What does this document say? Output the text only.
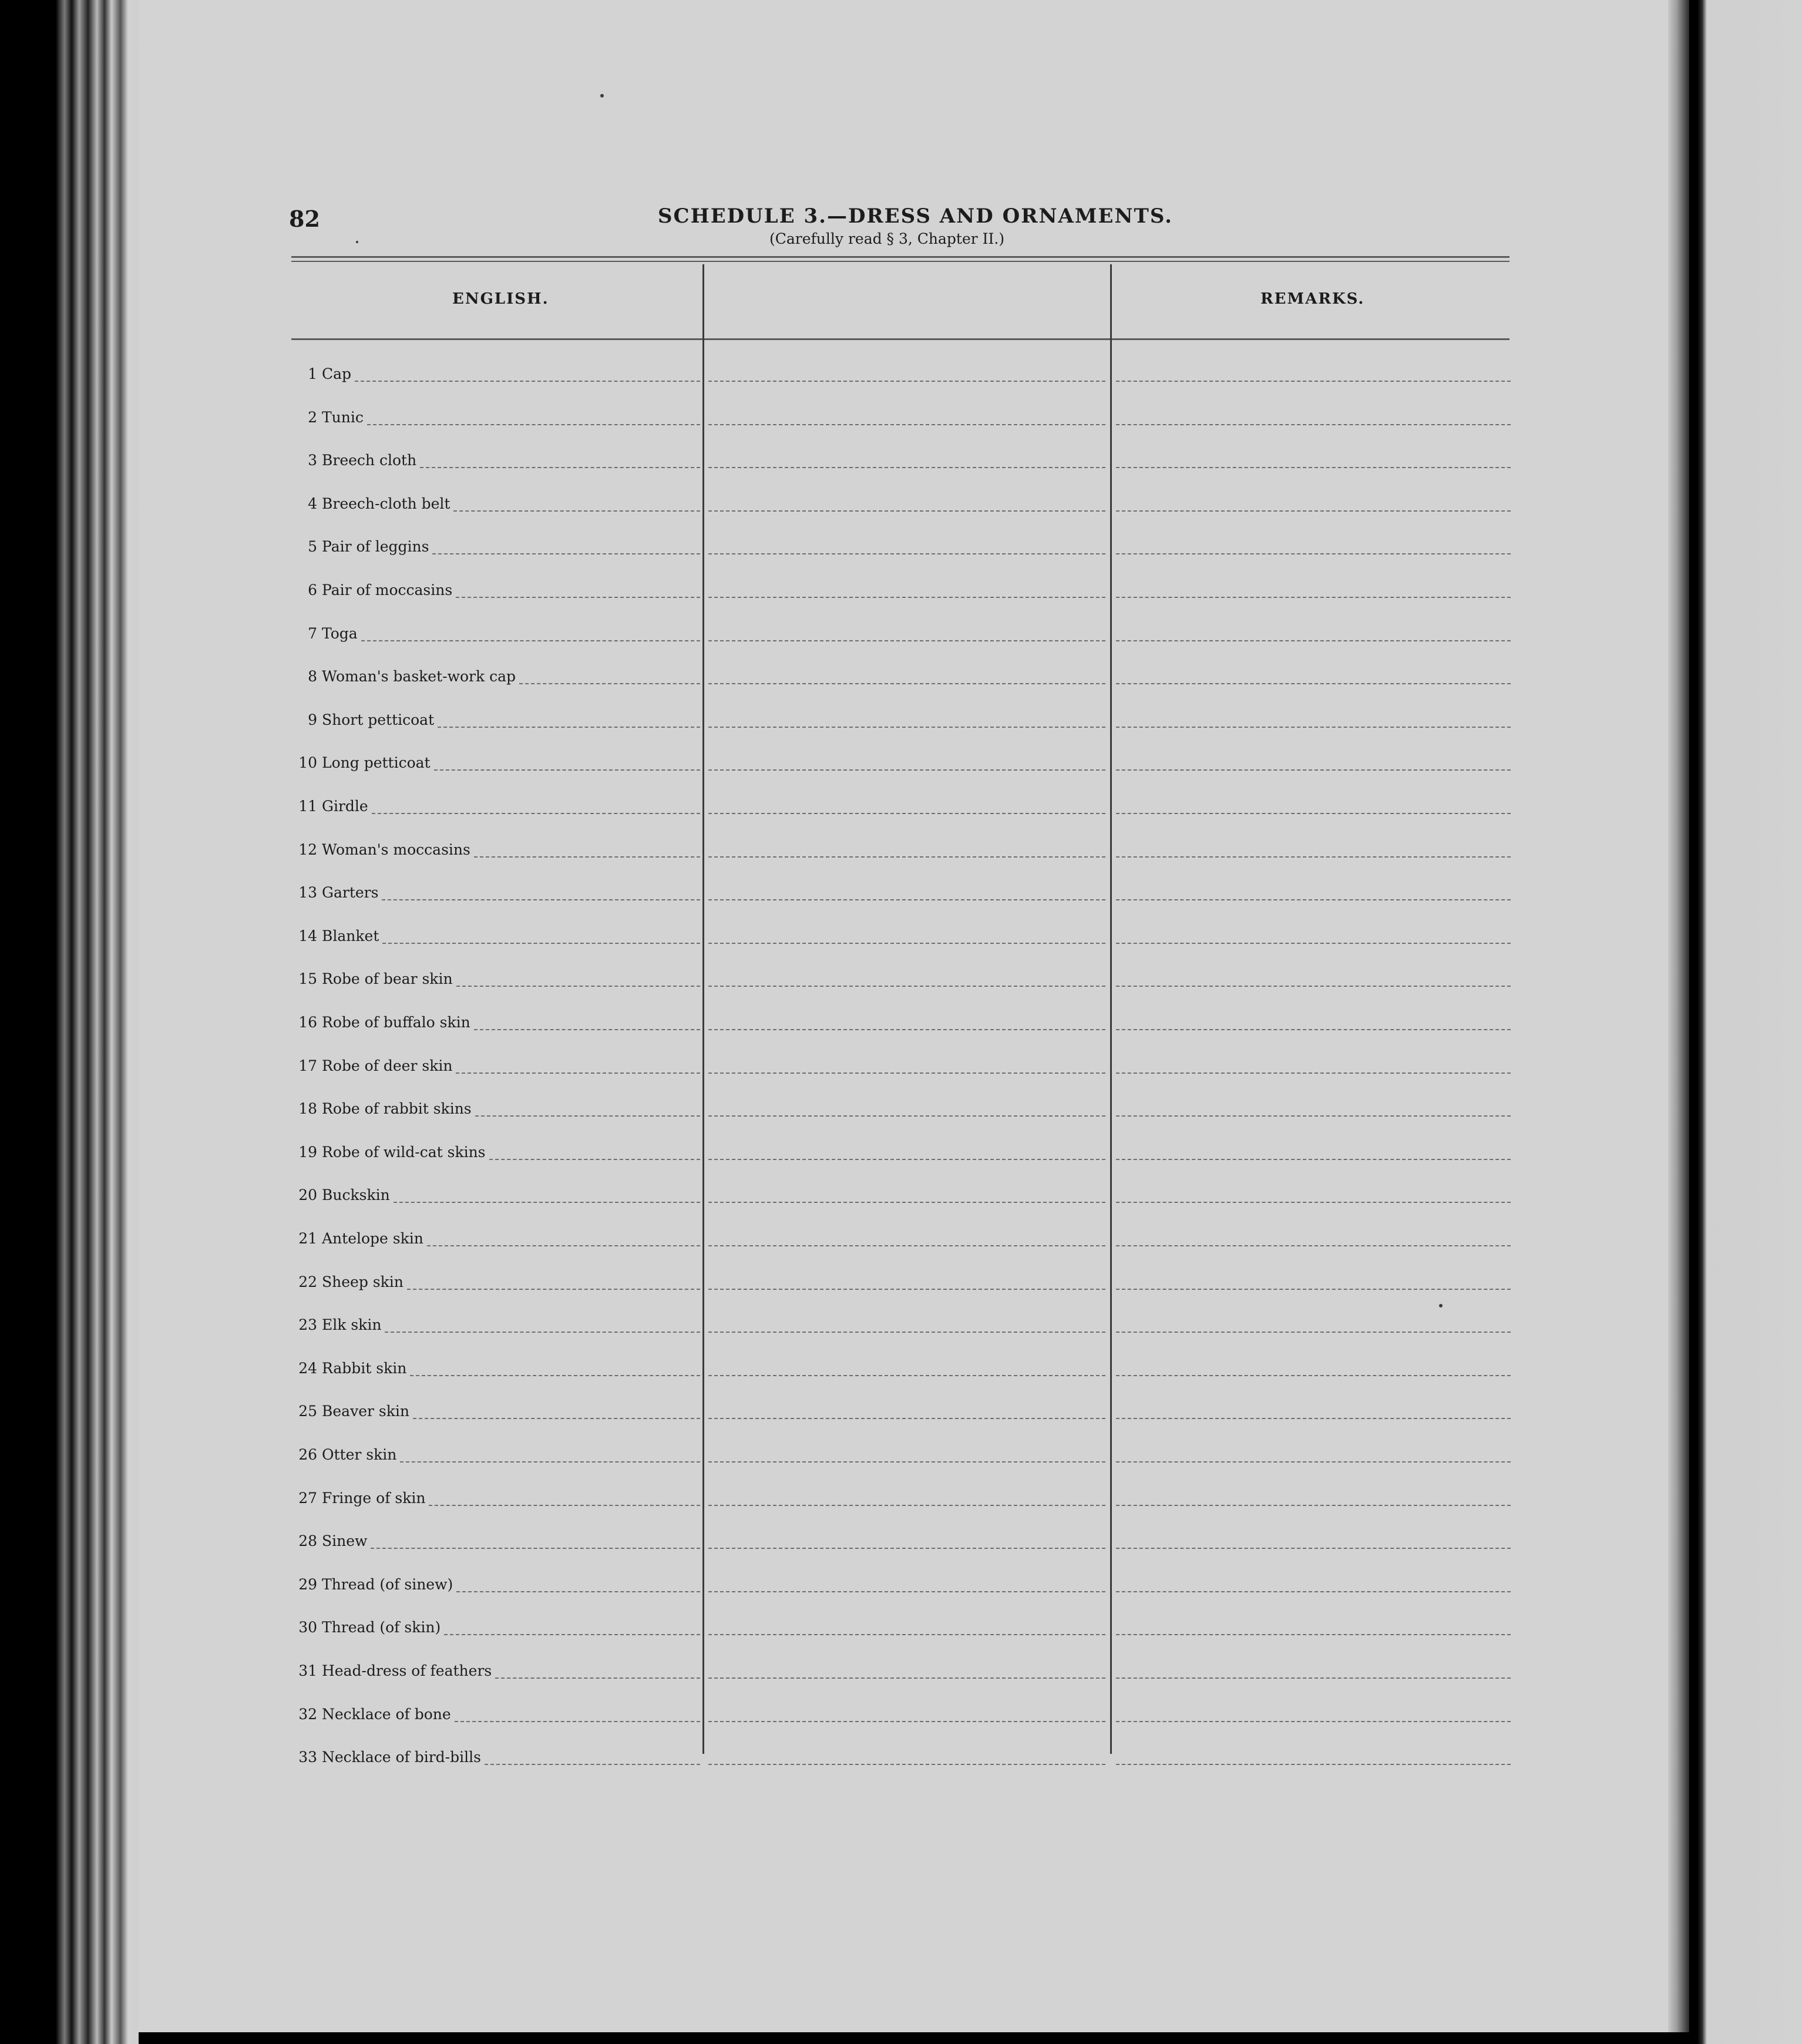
82	SCHEDULE 3.—DRESS AND ORNAMENTS.
(Carefully read § 3, Chapter II.)
ENGLISH.	REMARKS.
1 Cap
2 Tunic
3 Breech cloth
4 Breech-cloth belt
5 Pair of leggins
6 Pair of moccasins
7 Toga
8 Woman's basket-work cap
9 Short petticoat
10 Long petticoat
11 Girdle
12 Woman's moccasins
13 Garters
14 Blanket
15 Robe of bear skin
16 Robe of buffalo skin
17 Robe of deer skin
18 Robe of rabbit skins
19 Robe of wild-cat skins
20 Buckskin
21 Antelope skin
22 Sheep skin
23 Elk skin
24 Rabbit skin
25 Beaver skin
26 Otter skin
27 Fringe of skin
28 Sinew
29 Thread (of sinew)
30 Thread (of skin)
31 Head-dress of feathers
32 Necklace of bone
33 Necklace of bird-bills
